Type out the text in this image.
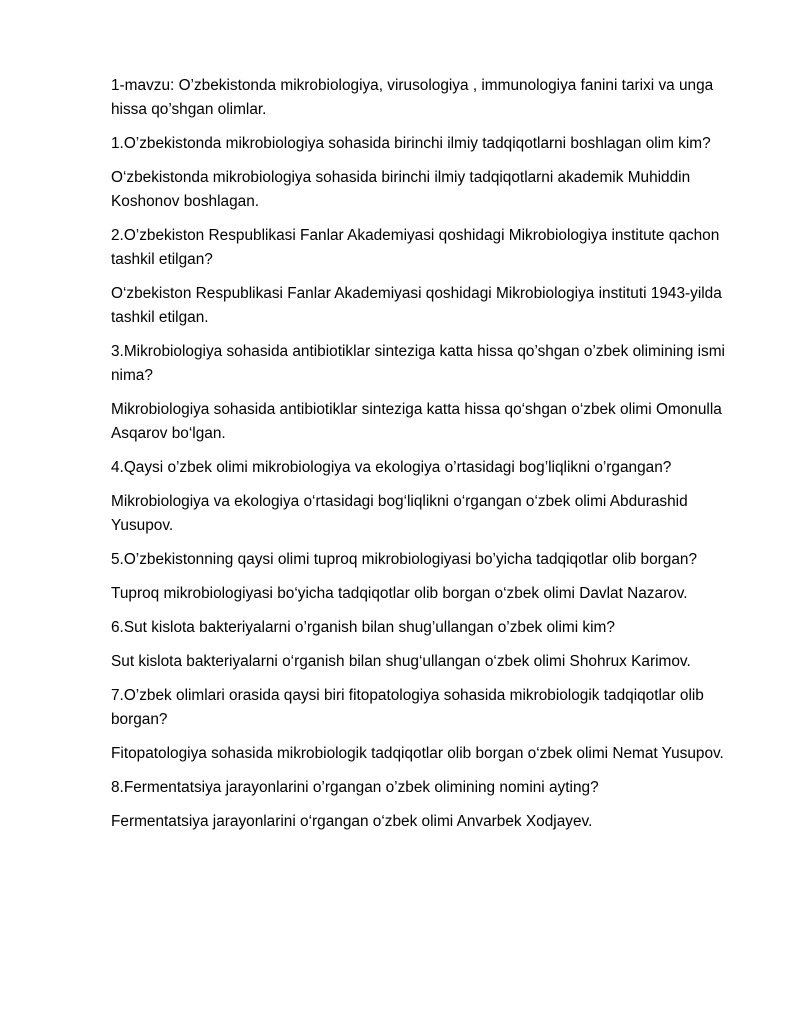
1-mavzu: O’zbekistonda mikrobiologiya, virusologiya , immunologiya fanini tarixi va unga hissa qo’shgan olimlar.

1.O’zbekistonda mikrobiologiya sohasida birinchi ilmiy tadqiqotlarni boshlagan olim kim?

O‘zbekistonda mikrobiologiya sohasida birinchi ilmiy tadqiqotlarni akademik Muhiddin Koshonov boshlagan.

2.O’zbekiston Respublikasi Fanlar Akademiyasi qoshidagi Mikrobiologiya institute qachon tashkil etilgan?

O‘zbekiston Respublikasi Fanlar Akademiyasi qoshidagi Mikrobiologiya instituti 1943-yilda tashkil etilgan.

3.Mikrobiologiya sohasida antibiotiklar sinteziga katta hissa qo’shgan o’zbek olimining ismi nima?

Mikrobiologiya sohasida antibiotiklar sinteziga katta hissa qo‘shgan o‘zbek olimi Omonulla Asqarov bo‘lgan.

4.Qaysi o’zbek olimi mikrobiologiya va ekologiya o’rtasidagi bog’liqlikni o’rgangan?

Mikrobiologiya va ekologiya o‘rtasidagi bog‘liqlikni o‘rgangan o‘zbek olimi Abdurashid Yusupov.

5.O’zbekistonning qaysi olimi tuproq mikrobiologiyasi bo’yicha tadqiqotlar olib borgan?

Tuproq mikrobiologiyasi bo‘yicha tadqiqotlar olib borgan o‘zbek olimi Davlat Nazarov.

6.Sut kislota bakteriyalarni o’rganish bilan shug’ullangan o’zbek olimi kim?

Sut kislota bakteriyalarni o‘rganish bilan shug‘ullangan o‘zbek olimi Shohrux Karimov.

7.O’zbek olimlari orasida qaysi biri fitopatologiya sohasida mikrobiologik tadqiqotlar olib borgan?

Fitopatologiya sohasida mikrobiologik tadqiqotlar olib borgan o‘zbek olimi Nemat Yusupov.

8.Fermentatsiya jarayonlarini o’rgangan o’zbek olimining nomini ayting?

Fermentatsiya jarayonlarini o‘rgangan o‘zbek olimi Anvarbek Xodjayev.
